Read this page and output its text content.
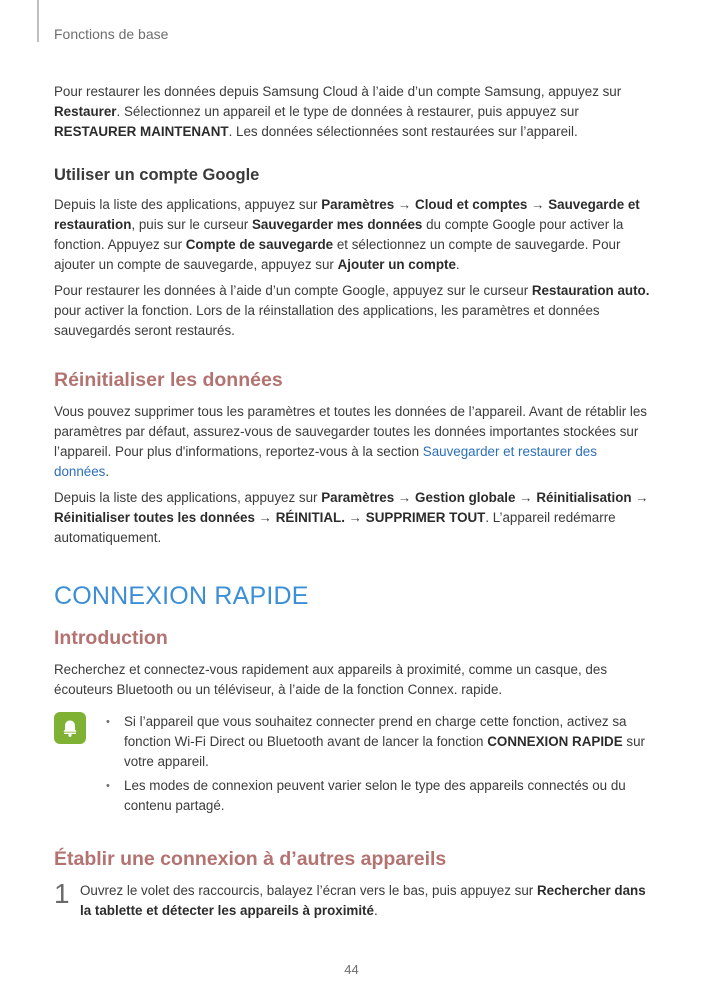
Fonctions de base

Pour restaurer les données depuis Samsung Cloud à l’aide d’un compte Samsung, appuyez sur Restaurer. Sélectionnez un appareil et le type de données à restaurer, puis appuyez sur RESTAURER MAINTENANT. Les données sélectionnées sont restaurées sur l’appareil.

Utiliser un compte Google

Depuis la liste des applications, appuyez sur Paramètres → Cloud et comptes → Sauvegarde et restauration, puis sur le curseur Sauvegarder mes données du compte Google pour activer la fonction. Appuyez sur Compte de sauvegarde et sélectionnez un compte de sauvegarde. Pour ajouter un compte de sauvegarde, appuyez sur Ajouter un compte.

Pour restaurer les données à l’aide d’un compte Google, appuyez sur le curseur Restauration auto. pour activer la fonction. Lors de la réinstallation des applications, les paramètres et données sauvegardés seront restaurés.

Réinitialiser les données

Vous pouvez supprimer tous les paramètres et toutes les données de l’appareil. Avant de rétablir les paramètres par défaut, assurez-vous de sauvegarder toutes les données importantes stockées sur l’appareil. Pour plus d'informations, reportez-vous à la section Sauvegarder et restaurer des données.

Depuis la liste des applications, appuyez sur Paramètres → Gestion globale → Réinitialisation → Réinitialiser toutes les données → RÉINITIAL. → SUPPRIMER TOUT. L’appareil redémarre automatiquement.

CONNEXION RAPIDE
Introduction

Recherchez et connectez-vous rapidement aux appareils à proximité, comme un casque, des écouteurs Bluetooth ou un téléviseur, à l’aide de la fonction Connex. rapide.

• Si l’appareil que vous souhaitez connecter prend en charge cette fonction, activez sa fonction Wi-Fi Direct ou Bluetooth avant de lancer la fonction CONNEXION RAPIDE sur votre appareil.
• Les modes de connexion peuvent varier selon le type des appareils connectés ou du contenu partagé.
Établir une connexion à d’autres appareils
1 Ouvrez le volet des raccourcis, balayez l’écran vers le bas, puis appuyez sur Rechercher dans la tablette et détecter les appareils à proximité.
44
